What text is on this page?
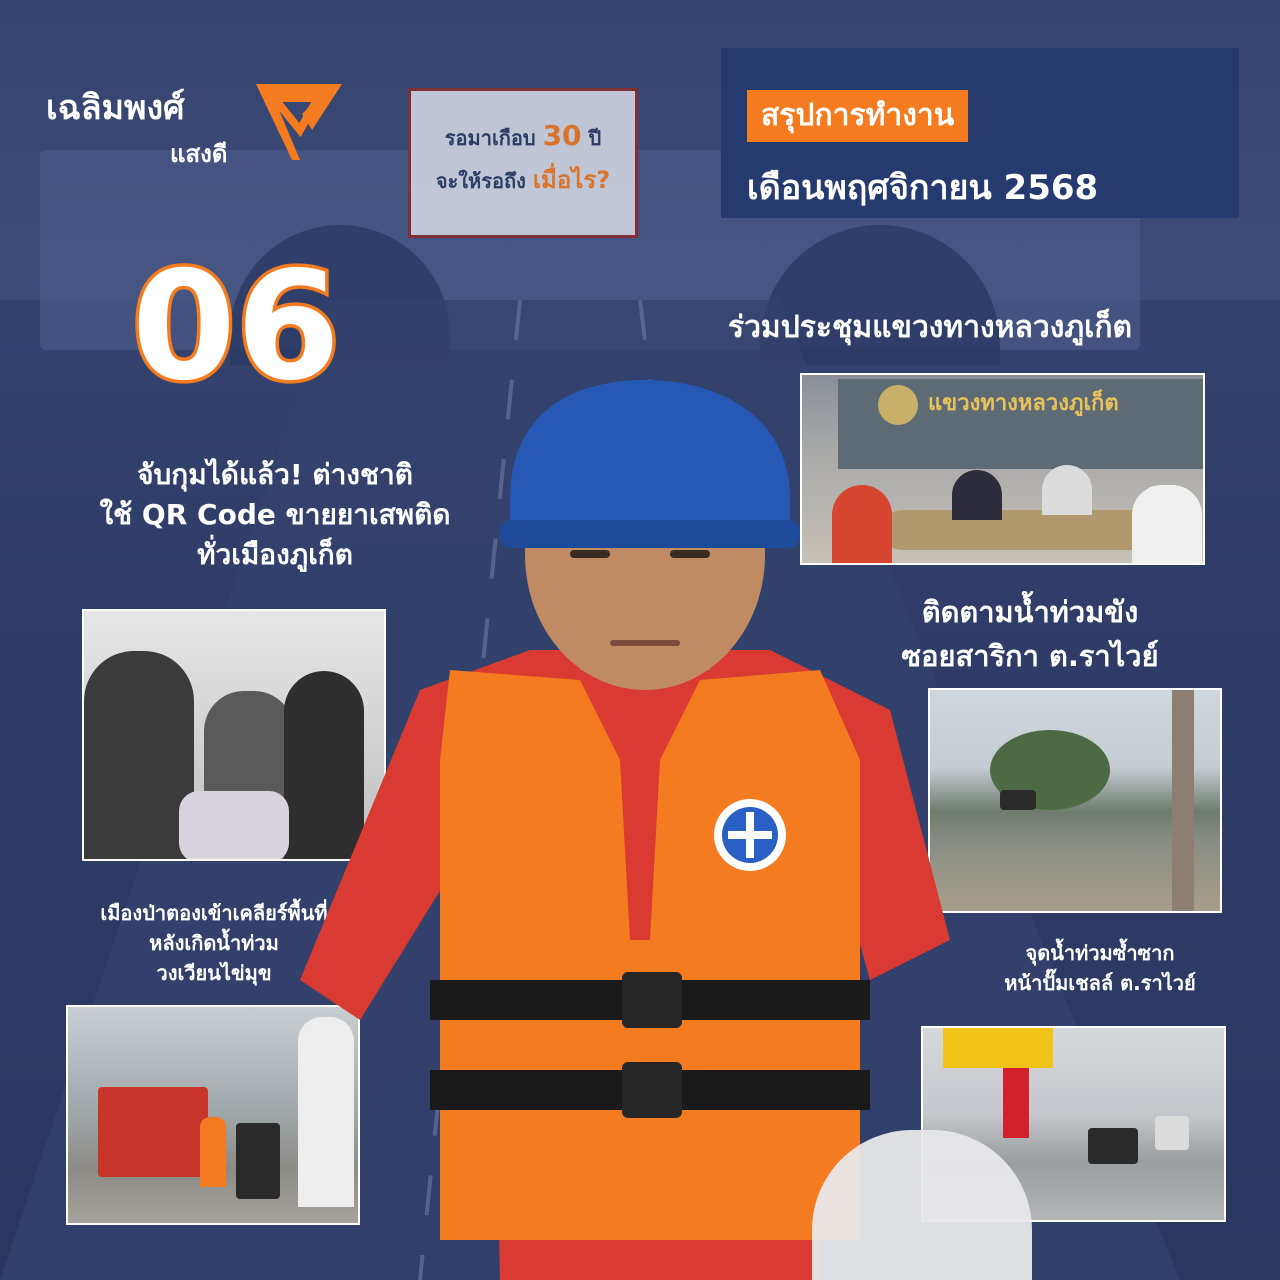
รอมาเกือบ 30 ปี
จะให้รอถึง เมื่อไร?
เฉลิมพงศ์
แสงดี
สรุปการทำงาน
เดือนพฤศจิกายน 2568
06
จับกุมได้แล้ว! ต่างชาติ
ใช้ QR Code ขายยาเสพติด
ทั่วเมืองภูเก็ต
ร่วมประชุมแขวงทางหลวงภูเก็ต
แขวงทางหลวงภูเก็ต
ติดตามน้ำท่วมขัง
ซอยสาริกา ต.ราไวย์
เมืองป่าตองเข้าเคลียร์พื้นที่
หลังเกิดน้ำท่วม
วงเวียนไข่มุข
จุดน้ำท่วมซ้ำซาก
หน้าปั๊มเชลล์ ต.ราไวย์
